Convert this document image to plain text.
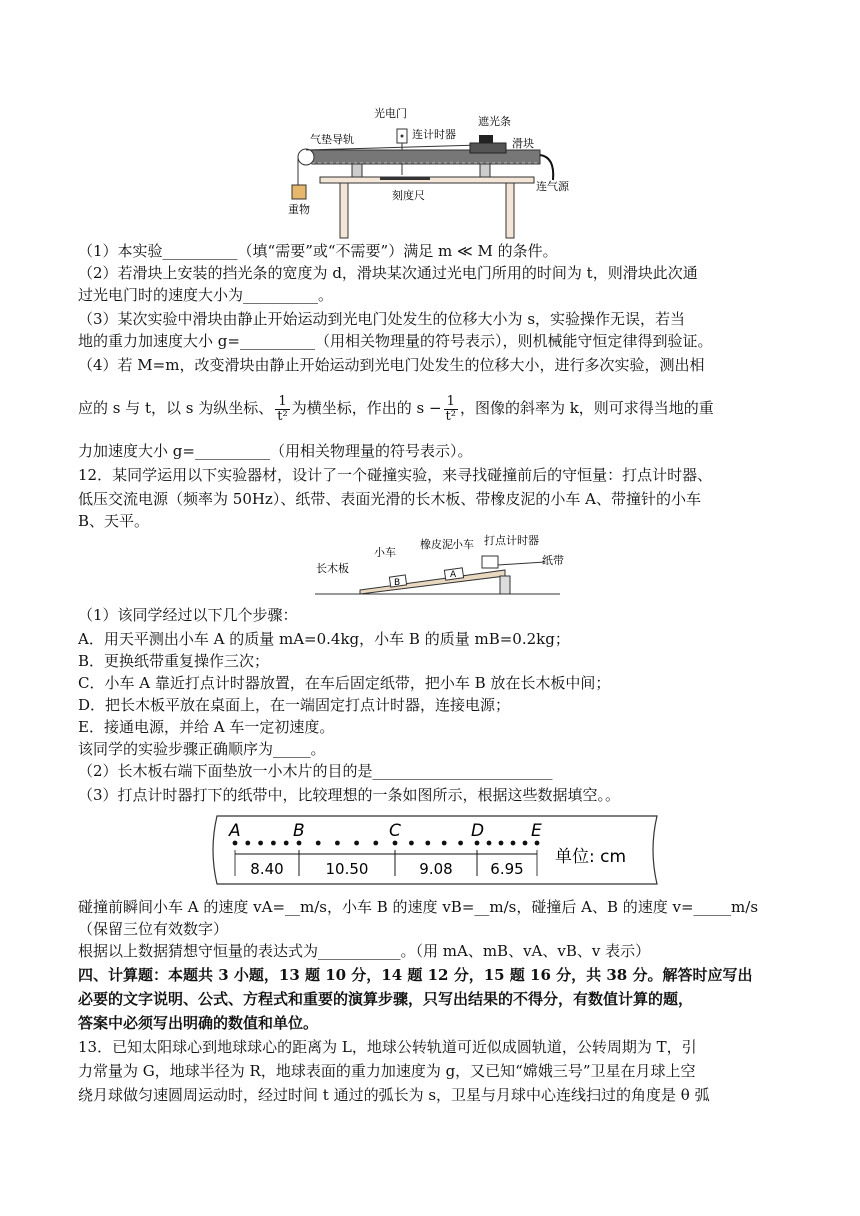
光电门
连计时器
遮光条
气垫导轨	滑块
连气源
刻度尺
重物
（1）本实验__________（填“需要”或“不需要”）满足 m ≪ M 的条件。
（2）若滑块上安装的挡光条的宽度为 d，滑块某次通过光电门所用的时间为 t，则滑块此次通
过光电门时的速度大小为__________。
（3）某次实验中滑块由静止开始运动到光电门处发生的位移大小为 s，实验操作无误，若当
地的重力加速度大小 g=__________（用相关物理量的符号表示），则机械能守恒定律得到验证。
（4）若 M=m，改变滑块由静止开始运动到光电门处发生的位移大小，进行多次实验，测出相
应的 s 与 t，以 s 为纵坐标、 $\frac{1}{\text{t²}}$ 为横坐标，作出的 $s - \frac{1}{\text{t²}}$ ，图像的斜率为 k，则可求得当地的重
力加速度大小 g=__________（用相关物理量的符号表示）。
12．某同学运用以下实验器材，设计了一个碰撞实验，来寻找碰撞前后的守恒量：打点计时器、
低压交流电源（频率为 50Hz）、纸带、表面光滑的长木板、带橡皮泥的小车 A、带撞针的小车
B、天平。
B
A
长木板
小车
橡皮泥 小车 打点计时器
纸带
（1）该同学经过以下几个步骤：
A．用天平测出小车 A 的质量 mA=0.4kg，小车 B 的质量 mB=0.2kg；
B．更换纸带重复操作三次；
C．小车 A 靠近打点计时器放置，在车后固定纸带，把小车 B 放在长木板中间；
D．把长木板平放在桌面上，在一端固定打点计时器，连接电源；
E．接通电源，并给 A 车一定初速度。
该同学的实验步骤正确顺序为_____。
（2）长木板右端下面垫放一小木片的目的是________________________
（3）打点计时器打下的纸带中，比较理想的一条如图所示，根据这些数据填空。。
A	B	C	D	E
8.40	10.50	9.08	6.95
单位: cm
碰撞前瞬间小车 A 的速度 vA=__m/s，小车 B 的速度 vB=__m/s，碰撞后 A、B 的速度 v=_____m/s
（保留三位有效数字）
根据以上数据猜想守恒量的表达式为___________。（用 mA、mB、vA、vB、v 表示）
四、计算题：本题共 3 小题，13 题 10 分，14 题 12 分，15 题 16 分，共 38 分。解答时应写出
必要的文字说明、公式、方程式和重要的演算步骤，只写出结果的不得分，有数值计算的题，
答案中必须写出明确的数值和单位。
13．已知太阳球心到地球球心的距离为 L，地球公转轨道可近似成圆轨道，公转周期为 T，引
力常量为 G，地球半径为 R，地球表面的重力加速度为 g，又已知“嫦娥三号”卫星在月球上空
绕月球做匀速圆周运动时，经过时间 t 通过的弧长为 s，卫星与月球中心连线扫过的角度是 θ 弧
